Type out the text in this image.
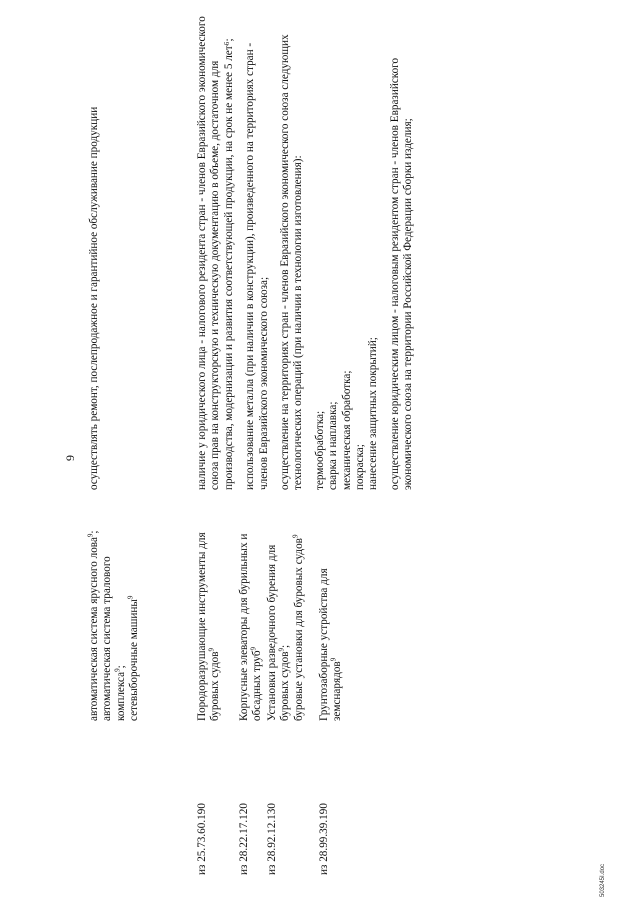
9
503245I.doc
автоматическая система ярусного лова$^9$;
автоматическая система тралового комплекса$^9$; сетевыборочные машины$^9$
осуществлять ремонт, послепродажное и гарантийное обслуживание продукции
из 25.73.60.190
Породоразрушающие инструменты для буровых судов$^9$
наличие у юридического лица - налогового резидента стран - членов Евразийского экономического союза прав на конструкторскую и техническую документацию в объеме, достаточном для производства, модернизации и развития соответствующей продукции, на срок не менее 5 лет⁶; использование металла (при наличии в конструкции), произведенного на территориях стран - членов Евразийского экономического союза; осуществление на территориях стран - членов Евразийского экономического союза следующих технологических операций (при наличии в технологии изготовления): термообработка; сварка и наплавка; механическая обработка; покраска; нанесение защитных покрытий; осуществление юридическим лицом - налоговым резидентом стран - членов Евразийского экономического союза на территории Российской Федерации сборки изделия;
из 28.22.17.120
Корпусные элеваторы для бурильных и обсадных труб$^9$
из 28.92.12.130
Установки разведочного бурения для буровых судов$^9$; буровые установки для буровых судов$^9$
из 28.99.39.190
Грунтозаборные устройства для земснарядов$^9$
